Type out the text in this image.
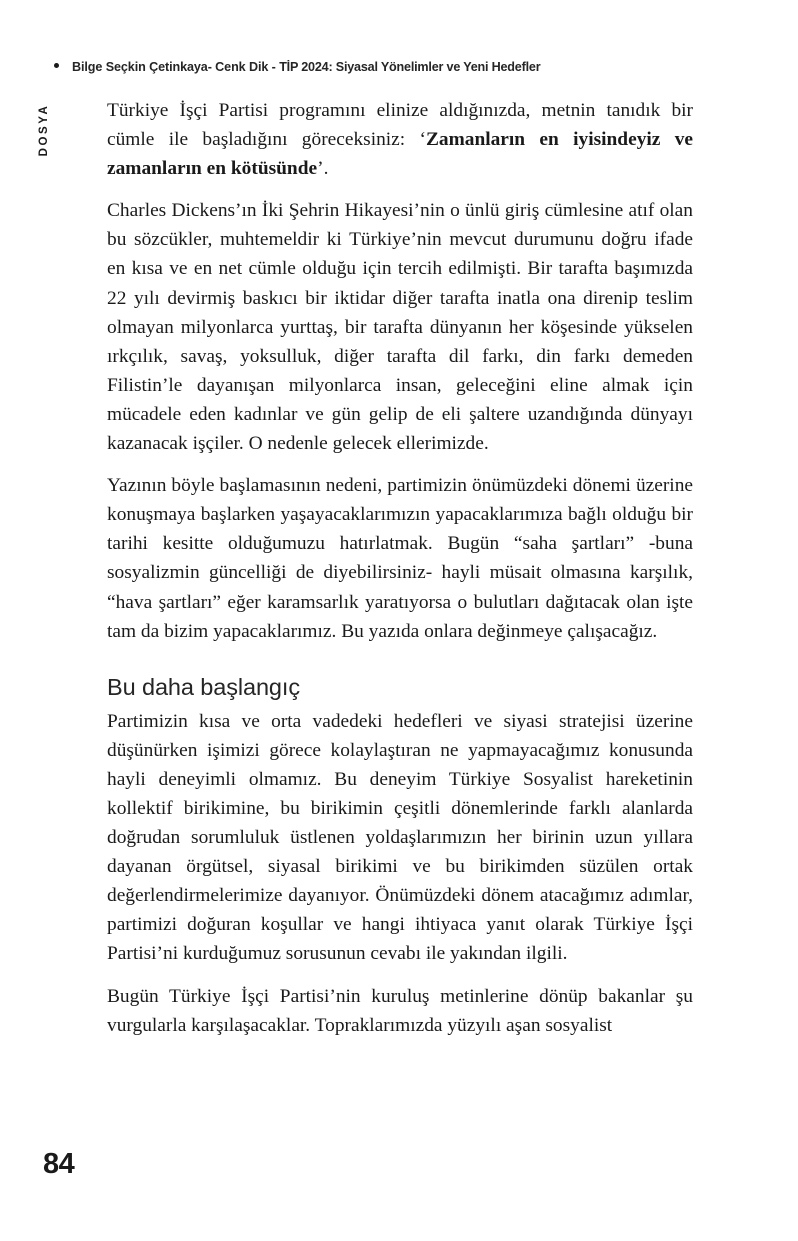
Bilge Seçkin Çetinkaya- Cenk Dik - TİP 2024: Siyasal Yönelimler ve Yeni Hedefler
DOSYA	Türkiye İşçi Partisi programını elinize aldığınızda, metnin tanıdık bir cümle ile başladığını göreceksiniz: ‘Zamanların en iyisindeyiz ve zamanların en kötüsünde’.

Charles Dickens’ın İki Şehrin Hikayesi’nin o ünlü giriş cümlesine atıf olan bu sözcükler, muhtemeldir ki Türkiye’nin mevcut durumunu doğru ifade en kısa ve en net cümle olduğu için tercih edilmişti. Bir tarafta başımızda 22 yılı devirmiş baskıcı bir iktidar diğer tarafta inatla ona direnip teslim olmayan milyonlarca yurttaş, bir tarafta dünyanın her köşesinde yükselen ırkçılık, savaş, yoksulluk, diğer tarafta dil farkı, din farkı demeden Filistin’le dayanışan milyonlarca insan, geleceğini eline almak için mücadele eden kadınlar ve gün gelip de eli şaltere uzandığında dünyayı kazanacak işçiler. O nedenle gelecek ellerimizde.

Yazının böyle başlamasının nedeni, partimizin önümüzdeki dönemi üzerine konuşmaya başlarken yaşayacaklarımızın yapacaklarımıza bağlı olduğu bir tarihi kesitte olduğumuzu hatırlatmak. Bugün “saha şartları” -buna sosyalizmin güncelliği de diyebilirsiniz- hayli müsait olmasına karşılık, “hava şartları” eğer karamsarlık yaratıyorsa o bulutları dağıtacak olan işte tam da bizim yapacaklarımız. Bu yazıda onlara değinmeye çalışacağız.

Bu daha başlangıç

Partimizin kısa ve orta vadedeki hedefleri ve siyasi stratejisi üzerine düşünürken işimizi görece kolaylaştıran ne yapmayacağımız konusunda hayli deneyimli olmamız. Bu deneyim Türkiye Sosyalist hareketinin kollektif birikimine, bu birikimin çeşitli dönemlerinde farklı alanlarda doğrudan sorumluluk üstlenen yoldaşlarımızın her birinin uzun yıllara dayanan örgütsel, siyasal birikimi ve bu birikimden süzülen ortak değerlendirmelerimize dayanıyor. Önümüzdeki dönem atacağımız adımlar, partimizi doğuran koşullar ve hangi ihtiyaca yanıt olarak Türkiye İşçi Partisi’ni kurduğumuz sorusunun cevabı ile yakından ilgili.

Bugün Türkiye İşçi Partisi’nin kuruluş metinlerine dönüp bakanlar şu vurgularla karşılaşacaklar. Topraklarımızda yüzyılı aşan sosyalist

84
